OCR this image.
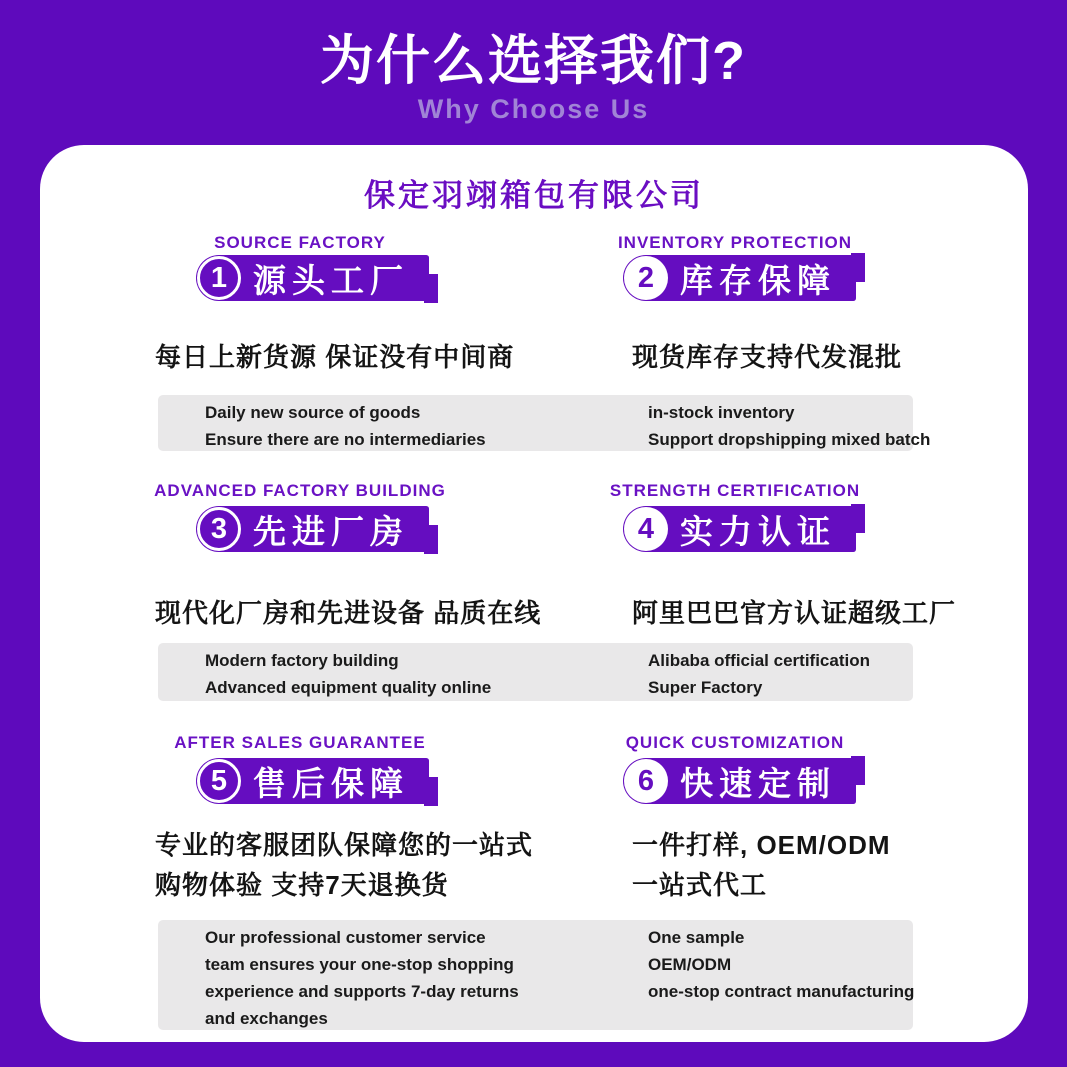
为什么选择我们?
Why Choose Us
保定羽翊箱包有限公司
SOURCE FACTORY	INVENTORY PROTECTION
1 源头工厂	2 库存保障
每日上新货源 保证没有中间商	现货库存支持代发混批
Daily new source of goods
Ensure there are no intermediaries
in-stock inventory
Support dropshipping mixed batch
ADVANCED FACTORY BUILDING	STRENGTH CERTIFICATION
3 先进厂房	4 实力认证
现代化厂房和先进设备 品质在线	阿里巴巴官方认证超级工厂
Modern factory building
Advanced equipment quality online
Alibaba official certification
Super Factory
AFTER SALES GUARANTEE	QUICK CUSTOMIZATION
5 售后保障	6 快速定制
专业的客服团队保障您的一站式
购物体验 支持7天退换货
一件打样, OEM/ODM
一站式代工
Our professional customer service
team ensures your one-stop shopping
experience and supports 7-day returns
and exchanges
One sample
OEM/ODM
one-stop contract manufacturing
